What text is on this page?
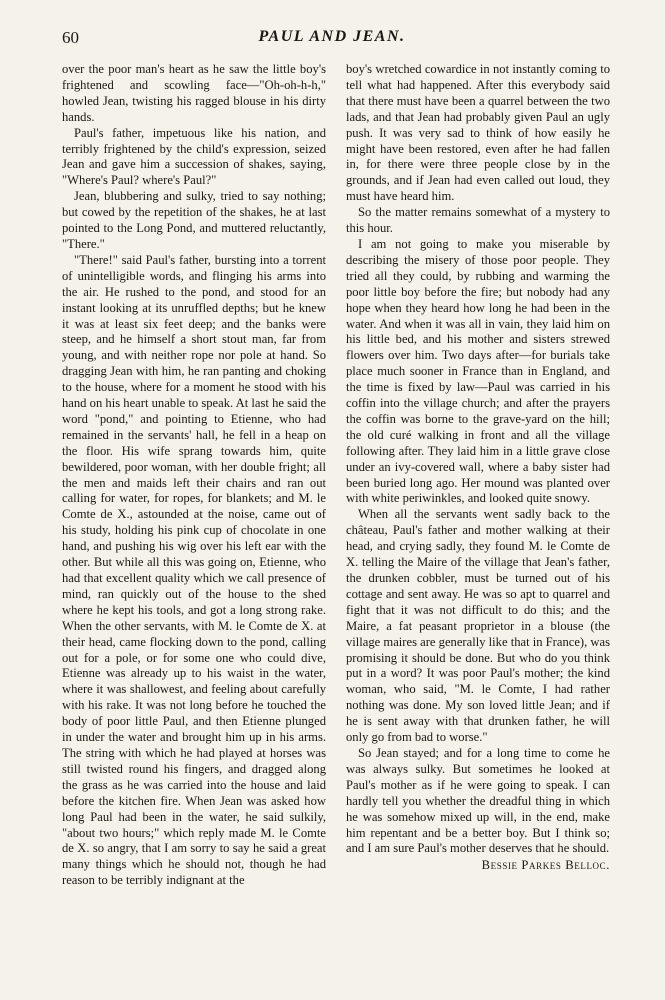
60	PAUL AND JEAN.

over the poor man's heart as he saw the little boy's frightened and scowling face—"Oh-oh-h-h," howled Jean, twisting his ragged blouse in his dirty hands.

Paul's father, impetuous like his nation, and terribly frightened by the child's expression, seized Jean and gave him a succession of shakes, saying, "Where's Paul? where's Paul?"

Jean, blubbering and sulky, tried to say nothing; but cowed by the repetition of the shakes, he at last pointed to the Long Pond, and muttered reluctantly, "There."

"There!" said Paul's father, bursting into a torrent of unintelligible words, and flinging his arms into the air. He rushed to the pond, and stood for an instant looking at its unruffled depths; but he knew it was at least six feet deep; and the banks were steep, and he himself a short stout man, far from young, and with neither rope nor pole at hand. So dragging Jean with him, he ran panting and choking to the house, where for a moment he stood with his hand on his heart unable to speak. At last he said the word "pond," and pointing to Etienne, who had remained in the servants' hall, he fell in a heap on the floor. His wife sprang towards him, quite bewildered, poor woman, with her double fright; all the men and maids left their chairs and ran out calling for water, for ropes, for blankets; and M. le Comte de X., astounded at the noise, came out of his study, holding his pink cup of chocolate in one hand, and pushing his wig over his left ear with the other. But while all this was going on, Etienne, who had that excellent quality which we call presence of mind, ran quickly out of the house to the shed where he kept his tools, and got a long strong rake. When the other servants, with M. le Comte de X. at their head, came flocking down to the pond, calling out for a pole, or for some one who could dive, Etienne was already up to his waist in the water, where it was shallowest, and feeling about carefully with his rake. It was not long before he touched the body of poor little Paul, and then Etienne plunged in under the water and brought him up in his arms. The string with which he had played at horses was still twisted round his fingers, and dragged along the grass as he was carried into the house and laid before the kitchen fire. When Jean was asked how long Paul had been in the water, he said sulkily, "about two hours;" which reply made M. le Comte de X. so angry, that I am sorry to say he said a great many things which he should not, though he had reason to be terribly indignant at the

boy's wretched cowardice in not instantly coming to tell what had happened. After this everybody said that there must have been a quarrel between the two lads, and that Jean had probably given Paul an ugly push. It was very sad to think of how easily he might have been restored, even after he had fallen in, for there were three people close by in the grounds, and if Jean had even called out loud, they must have heard him.

So the matter remains somewhat of a mystery to this hour.

I am not going to make you miserable by describing the misery of those poor people. They tried all they could, by rubbing and warming the poor little boy before the fire; but nobody had any hope when they heard how long he had been in the water. And when it was all in vain, they laid him on his little bed, and his mother and sisters strewed flowers over him. Two days after—for burials take place much sooner in France than in England, and the time is fixed by law—Paul was carried in his coffin into the village church; and after the prayers the coffin was borne to the grave-yard on the hill; the old curé walking in front and all the village following after. They laid him in a little grave close under an ivy-covered wall, where a baby sister had been buried long ago. Her mound was planted over with white periwinkles, and looked quite snowy.

When all the servants went sadly back to the château, Paul's father and mother walking at their head, and crying sadly, they found M. le Comte de X. telling the Maire of the village that Jean's father, the drunken cobbler, must be turned out of his cottage and sent away. He was so apt to quarrel and fight that it was not difficult to do this; and the Maire, a fat peasant proprietor in a blouse (the village maires are generally like that in France), was promising it should be done. But who do you think put in a word? It was poor Paul's mother; the kind woman, who said, "M. le Comte, I had rather nothing was done. My son loved little Jean; and if he is sent away with that drunken father, he will only go from bad to worse."

So Jean stayed; and for a long time to come he was always sulky. But sometimes he looked at Paul's mother as if he were going to speak. I can hardly tell you whether the dreadful thing in which he was somehow mixed up will, in the end, make him repentant and be a better boy. But I think so; and I am sure Paul's mother deserves that he should.

Bessie Parkes Belloc.
